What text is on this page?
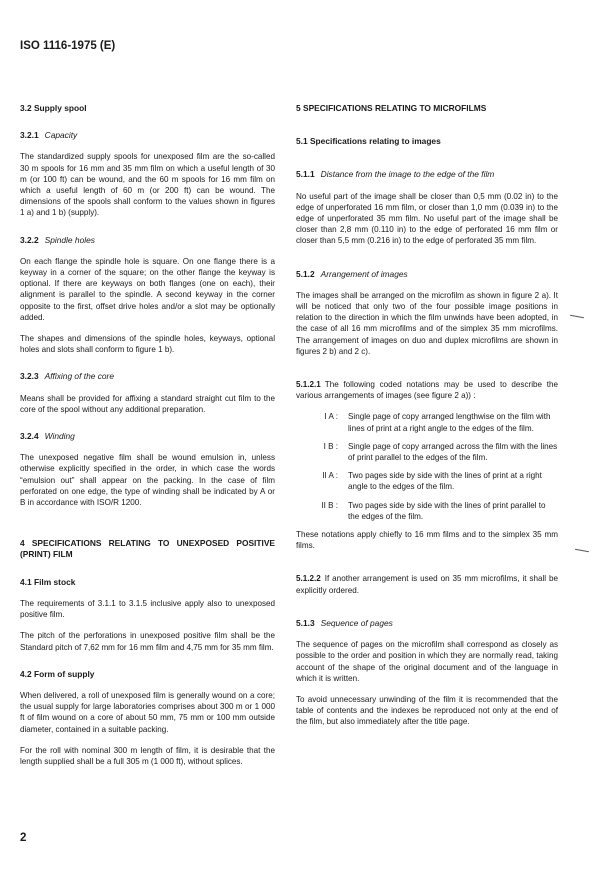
ISO 1116-1975 (E)
3.2 Supply spool
3.2.1 Capacity

The standardized supply spools for unexposed film are the so-called 30 m spools for 16 mm and 35 mm film on which a useful length of 30 m (or 100 ft) can be wound, and the 60 m spools for 16 mm film on which a useful length of 60 m (or 200 ft) can be wound. The dimensions of the spools shall conform to the values shown in figures 1 a) and 1 b) (supply).

3.2.2 Spindle holes

On each flange the spindle hole is square. On one flange there is a keyway in a corner of the square; on the other flange the keyway is optional. If there are keyways on both flanges (one on each), their alignment is parallel to the spindle. A second keyway in the corner opposite to the first, offset drive holes and/or a slot may be optionally added.

The shapes and dimensions of the spindle holes, keyways, optional holes and slots shall conform to figure 1 b).

3.2.3 Affixing of the core

Means shall be provided for affixing a standard straight cut film to the core of the spool without any additional preparation.

3.2.4 Winding

The unexposed negative film shall be wound emulsion in, unless otherwise explicitly specified in the order, in which case the words “emulsion out” shall appear on the packing. In the case of film perforated on one edge, the type of winding shall be indicated by A or B in accordance with ISO/R 1200.

4 SPECIFICATIONS RELATING TO UNEXPOSED POSITIVE (PRINT) FILM
4.1 Film stock

The requirements of 3.1.1 to 3.1.5 inclusive apply also to unexposed positive film.

The pitch of the perforations in unexposed positive film shall be the Standard pitch of 7,62 mm for 16 mm film and 4,75 mm for 35 mm film.

4.2 Form of supply

When delivered, a roll of unexposed film is generally wound on a core; the usual supply for large laboratories comprises about 300 m or 1 000 ft of film wound on a core of about 50 mm, 75 mm or 100 mm outside diameter, contained in a suitable packing.

For the roll with nominal 300 m length of film, it is desirable that the length supplied shall be a full 305 m (1 000 ft), without splices.

5 SPECIFICATIONS RELATING TO MICROFILMS
5.1 Specifications relating to images
5.1.1 Distance from the image to the edge of the film

No useful part of the image shall be closer than 0,5 mm (0.02 in) to the edge of unperforated 16 mm film, or closer than 1,0 mm (0.039 in) to the edge of unperforated 35 mm film. No useful part of the image shall be closer than 2,8 mm (0.110 in) to the edge of perforated 16 mm film or closer than 5,5 mm (0.216 in) to the edge of perforated 35 mm film.

5.1.2 Arrangement of images

The images shall be arranged on the microfilm as shown in figure 2 a). It will be noticed that only two of the four possible image positions in relation to the direction in which the film unwinds have been adopted, in the case of all 16 mm microfilms and of the simplex 35 mm microfilms. The arrangement of images on duo and duplex microfilms are shown in figures 2 b) and 2 c).

5.1.2.1 The following coded notations may be used to describe the various arrangements of images (see figure 2 a)) :

I A :	Single page of copy arranged lengthwise on the film with lines of print at a right angle to the edges of the film.
I B :	Single page of copy arranged across the film with the lines of print parallel to the edges of the film.
II A :	Two pages side by side with the lines of print at a right angle to the edges of the film.
II B :	Two pages side by side with the lines of print parallel to the edges of the film.

These notations apply chiefly to 16 mm films and to the simplex 35 mm films.

5.1.2.2 If another arrangement is used on 35 mm microfilms, it shall be explicitly ordered.

5.1.3 Sequence of pages

The sequence of pages on the microfilm shall correspond as closely as possible to the order and position in which they are normally read, taking account of the shape of the original document and of the language in which it is written.

To avoid unnecessary unwinding of the film it is recommended that the table of contents and the indexes be reproduced not only at the end of the film, but also immediately after the title page.

2
